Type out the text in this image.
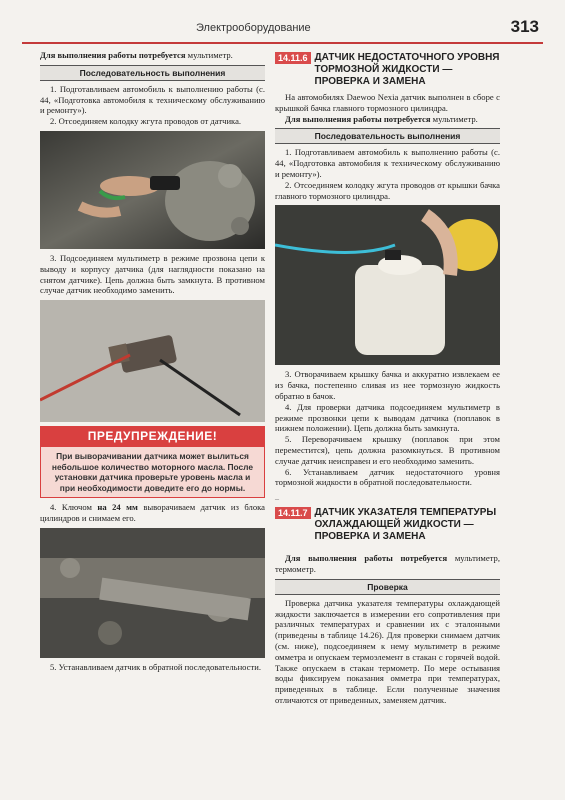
Электрооборудование	313

Для выполнения работы потребуется мультиметр.

Последовательность выполнения

1. Подготавливаем автомобиль к выполнению работы (с. 44, «Подготовка автомобиля к техническому обслуживанию и ремонту»).

2. Отсоединяем колодку жгута проводов от датчика.

3. Подсоединяем мультиметр в режиме прозвона цепи к выводу и корпусу датчика (для наглядности показано на снятом датчике). Цепь должна быть замкнута. В противном случае датчик необходимо заменить.

ПРЕДУПРЕЖДЕНИЕ!
При выворачивании датчика может вылиться небольшое количество моторного масла. После установки датчика проверьте уровень масла и при необходимости доведите его до нормы.

4. Ключом на 24 мм выворачиваем датчик из блока цилиндров и снимаем его.

5. Устанавливаем датчик в обратной последовательности.

14.11.6 ДАТЧИК НЕДОСТАТОЧНОГО УРОВНЯ ТОРМОЗНОЙ ЖИДКОСТИ — ПРОВЕРКА И ЗАМЕНА

На автомобилях Daewoo Nexia датчик выполнен в сборе с крышкой бачка главного тормозного цилиндра.

Для выполнения работы потребуется мультиметр.

Последовательность выполнения

1. Подготавливаем автомобиль к выполнению работы (с. 44, «Подготовка автомобиля к техническому обслуживанию и ремонту»).

2. Отсоединяем колодку жгута проводов от крышки бачка главного тормозного цилиндра.

3. Отворачиваем крышку бачка и аккуратно извлекаем ее из бачка, постепенно сливая из нее тормозную жидкость обратно в бачок.

4. Для проверки датчика подсоединяем мультиметр в режиме прозвонки цепи к выводам датчика (поплавок в нижнем положении). Цепь должна быть замкнута.

5. Переворачиваем крышку (поплавок при этом переместится), цепь должна разомкнуться. В противном случае датчик неисправен и его необходимо заменить.

6. Устанавливаем датчик недостаточного уровня тормозной жидкости в обратной последовательности.

–
14.11.7 ДАТЧИК УКАЗАТЕЛЯ ТЕМПЕРАТУРЫ ОХЛАЖДАЮЩЕЙ ЖИДКОСТИ — ПРОВЕРКА И ЗАМЕНА

Для выполнения работы потребуется мультиметр, термометр.

Проверка

Проверка датчика указателя температуры охлаждающей жидкости заключается в измерении его сопротивления при различных температурах и сравнении их с эталонными (приведены в таблице 14.26). Для проверки снимаем датчик (см. ниже), подсоединяем к нему мультиметр в режиме омметра и опускаем термоэлемент в стакан с горячей водой. Также опускаем в стакан термометр. По мере остывания воды фиксируем показания омметра при температурах, приведенных в таблице. Если полученные значения отличаются от приведенных, заменяем датчик.
